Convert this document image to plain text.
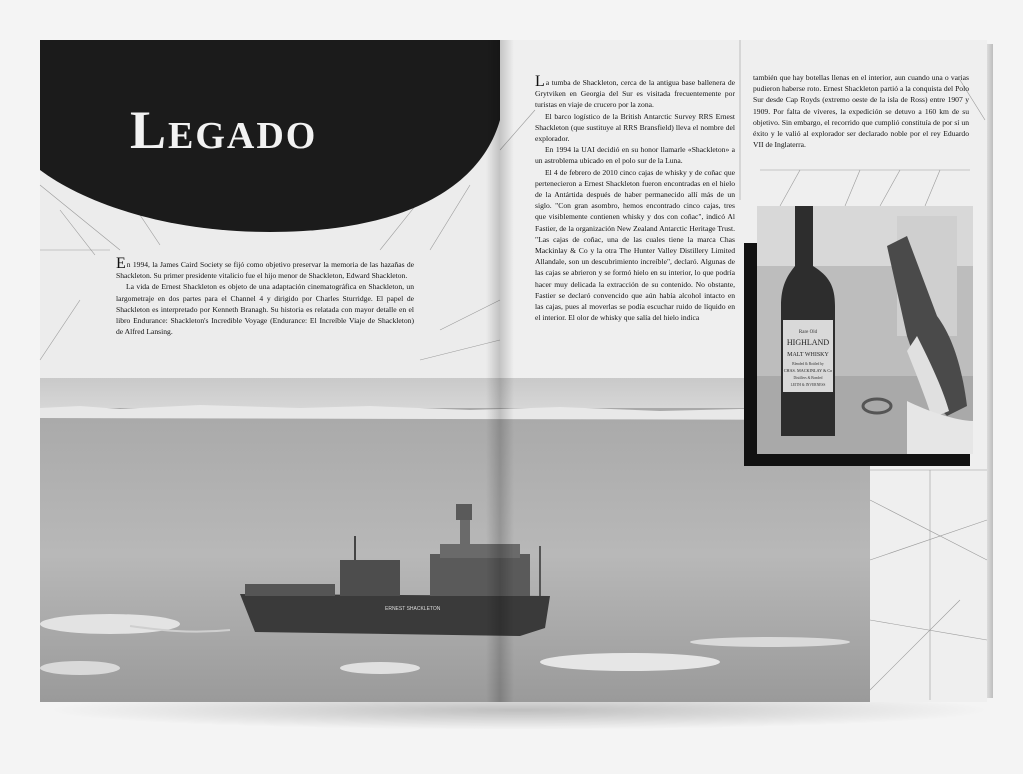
Legado

En 1994, la James Caird Society se fijó como objetivo preservar la memoria de las hazañas de Shackleton. Su primer presidente vitalicio fue el hijo menor de Shackleton, Edward Shackleton.

La vida de Ernest Shackleton es objeto de una adaptación cinematográfica en Shackleton, un largometraje en dos partes para el Channel 4 y dirigido por Charles Sturridge. El papel de Shackleton es interpretado por Kenneth Branagh. Su historia es relatada con mayor detalle en el libro Endurance: Shackleton's Incredible Voyage (Endurance: El Increíble Viaje de Shackleton) de Alfred Lansing.

La tumba de Shackleton, cerca de la antigua base ballenera de Grytviken en Georgia del Sur es visitada frecuentemente por turistas en viaje de crucero por la zona.

El barco logístico de la British Antarctic Survey RRS Ernest Shackleton (que sustituye al RRS Bransfield) lleva el nombre del explorador.

En 1994 la UAI decidió en su honor llamarle «Shackleton» a un astroblema ubicado en el polo sur de la Luna.

El 4 de febrero de 2010 cinco cajas de whisky y de coñac que pertenecieron a Ernest Shackleton fueron encontradas en el hielo de la Antártida después de haber permanecido allí más de un siglo. "Con gran asombro, hemos encontrado cinco cajas, tres que visiblemente contienen whisky y dos con coñac", indicó Al Fastier, de la organización New Zealand Antarctic Heritage Trust. "Las cajas de coñac, una de las cuales tiene la marca Chas Mackinlay & Co y la otra The Hunter Valley Distillery Limited Allandale, son un descubrimiento increíble", declaró. Algunas de las cajas se abrieron y se formó hielo en su interior, lo que podría hacer muy delicada la extracción de su contenido. No obstante, Fastier se declaró convencido que aún había alcohol intacto en las cajas, pues al moverlas se podía escuchar ruido de líquido en el interior. El olor de whisky que salía del hielo indica

también que hay botellas llenas en el interior, aun cuando una o varias pudieron haberse roto. Ernest Shackleton partió a la conquista del Polo Sur desde Cap Royds (extremo oeste de la isla de Ross) entre 1907 y 1909. Por falta de víveres, la expedición se detuvo a 160 km de su objetivo. Sin embargo, el recorrido que cumplió constituía de por sí un éxito y le valió al explorador ser declarado noble por el rey Eduardo VII de Inglaterra.

ERNEST SHACKLETON
Rare Old
HIGHLAND
MALT WHISKY
Blended & Bottled by
CHAS. MACKINLAY & Co
Distillers & Bonded
LEITH & INVERNESS
